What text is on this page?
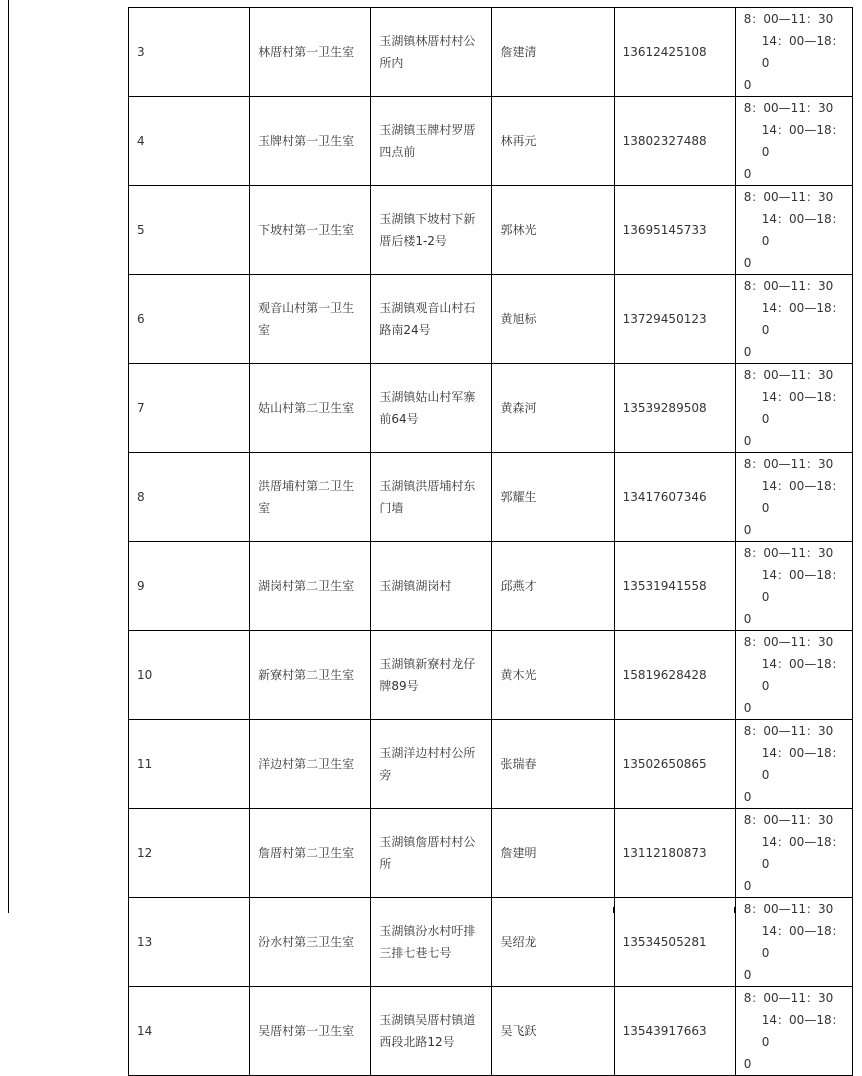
3	林厝村第一卫生室	玉湖镇林厝村村公所内	詹建清	13612425108	8：00—11：30
14：00—18：0
0

4	玉牌村第一卫生室	玉湖镇玉牌村罗厝四点前	林再元	13802327488	8：00—11：30
14：00—18：0
0

5	下坡村第一卫生室	玉湖镇下坡村下新厝后楼1-2号	郭林光	13695145733	8：00—11：30
14：00—18：0
0

6	观音山村第一卫生室	玉湖镇观音山村石路南24号	黄旭标	13729450123	8：00—11：30
14：00—18：0
0

7	姑山村第二卫生室	玉湖镇姑山村军寨前64号	黄森河	13539289508	8：00—11：30
14：00—18：0
0

8	洪厝埔村第二卫生室	玉湖镇洪厝埔村东门墙	郭耀生	13417607346	8：00—11：30
14：00—18：0
0

9	湖岗村第二卫生室	玉湖镇湖岗村	邱燕才	13531941558	8：00—11：30
14：00—18：0
0

10	新寮村第二卫生室	玉湖镇新寮村龙仔牌89号	黄木光	15819628428	8：00—11：30
14：00—18：0
0

11	洋边村第二卫生室	玉湖洋边村村公所旁	张瑞春	13502650865	8：00—11：30
14：00—18：0
0

12	詹厝村第二卫生室	玉湖镇詹厝村村公所	詹建明	13112180873	8：00—11：30
14：00—18：0
0

13	汾水村第三卫生室	玉湖镇汾水村吁排三排七巷七号	吴绍龙	13534505281	8：00—11：30
14：00—18：0
0

14	吴厝村第一卫生室	玉湖镇吴厝村镇道西段北路12号	吴飞跃	13543917663	8：00—11：30
14：00—18：0
0
